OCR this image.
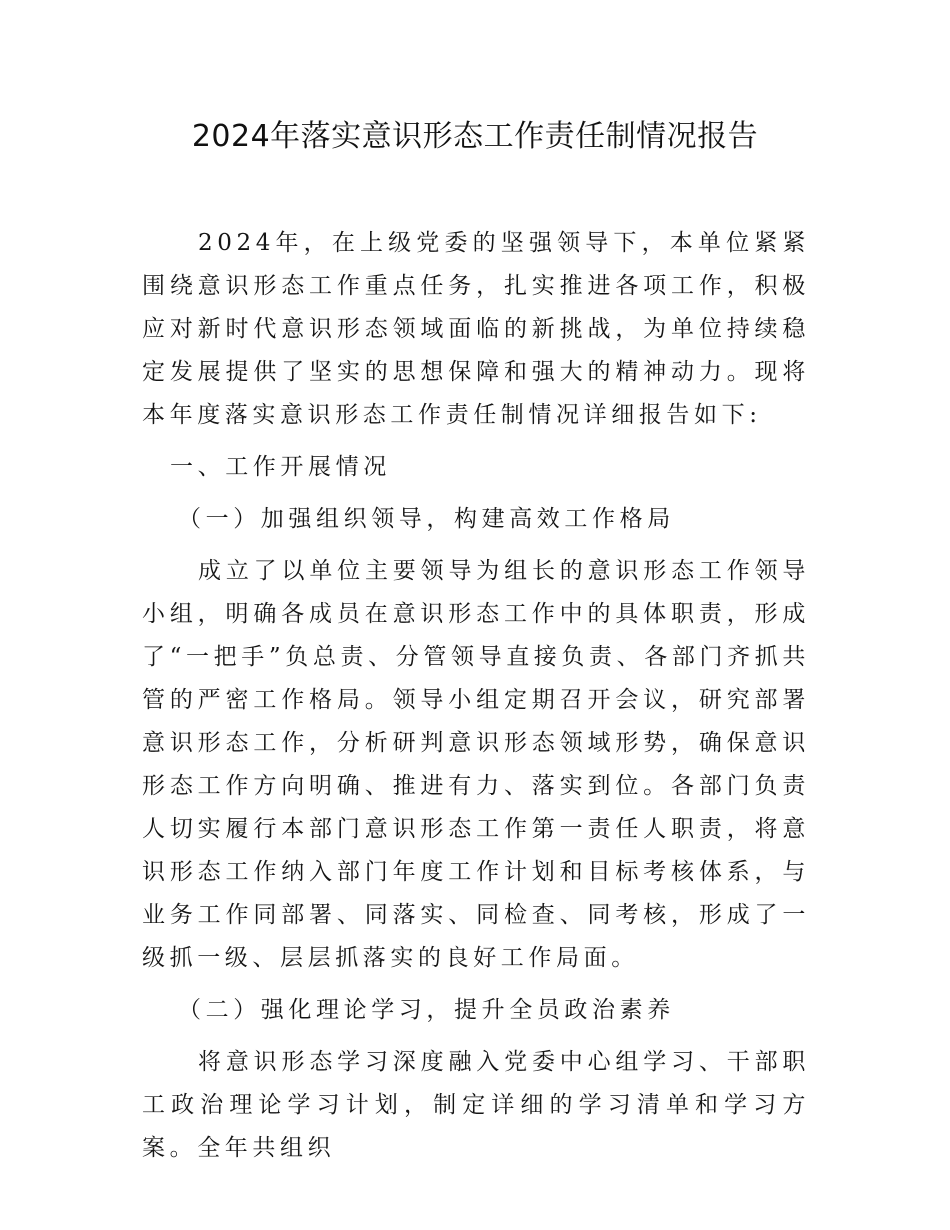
2024年落实意识形态工作责任制情况报告

2024年，在上级党委的坚强领导下，本单位紧紧围绕意识形态工作重点任务，扎实推进各项工作，积极应对新时代意识形态领域面临的新挑战，为单位持续稳定发展提供了坚实的思想保障和强大的精神动力。现将本年度落实意识形态工作责任制情况详细报告如下:

一、工作开展情况

（一）加强组织领导，构建高效工作格局

成立了以单位主要领导为组长的意识形态工作领导小组，明确各成员在意识形态工作中的具体职责，形成了“一把手”负总责、分管领导直接负责、各部门齐抓共管的严密工作格局。领导小组定期召开会议，研究部署意识形态工作，分析研判意识形态领域形势，确保意识形态工作方向明确、推进有力、落实到位。各部门负责人切实履行本部门意识形态工作第一责任人职责，将意识形态工作纳入部门年度工作计划和目标考核体系，与业务工作同部署、同落实、同检查、同考核，形成了一级抓一级、层层抓落实的良好工作局面。

（二）强化理论学习，提升全员政治素养

将意识形态学习深度融入党委中心组学习、干部职工政治理论学习计划，制定详细的学习清单和学习方案。全年共组织
